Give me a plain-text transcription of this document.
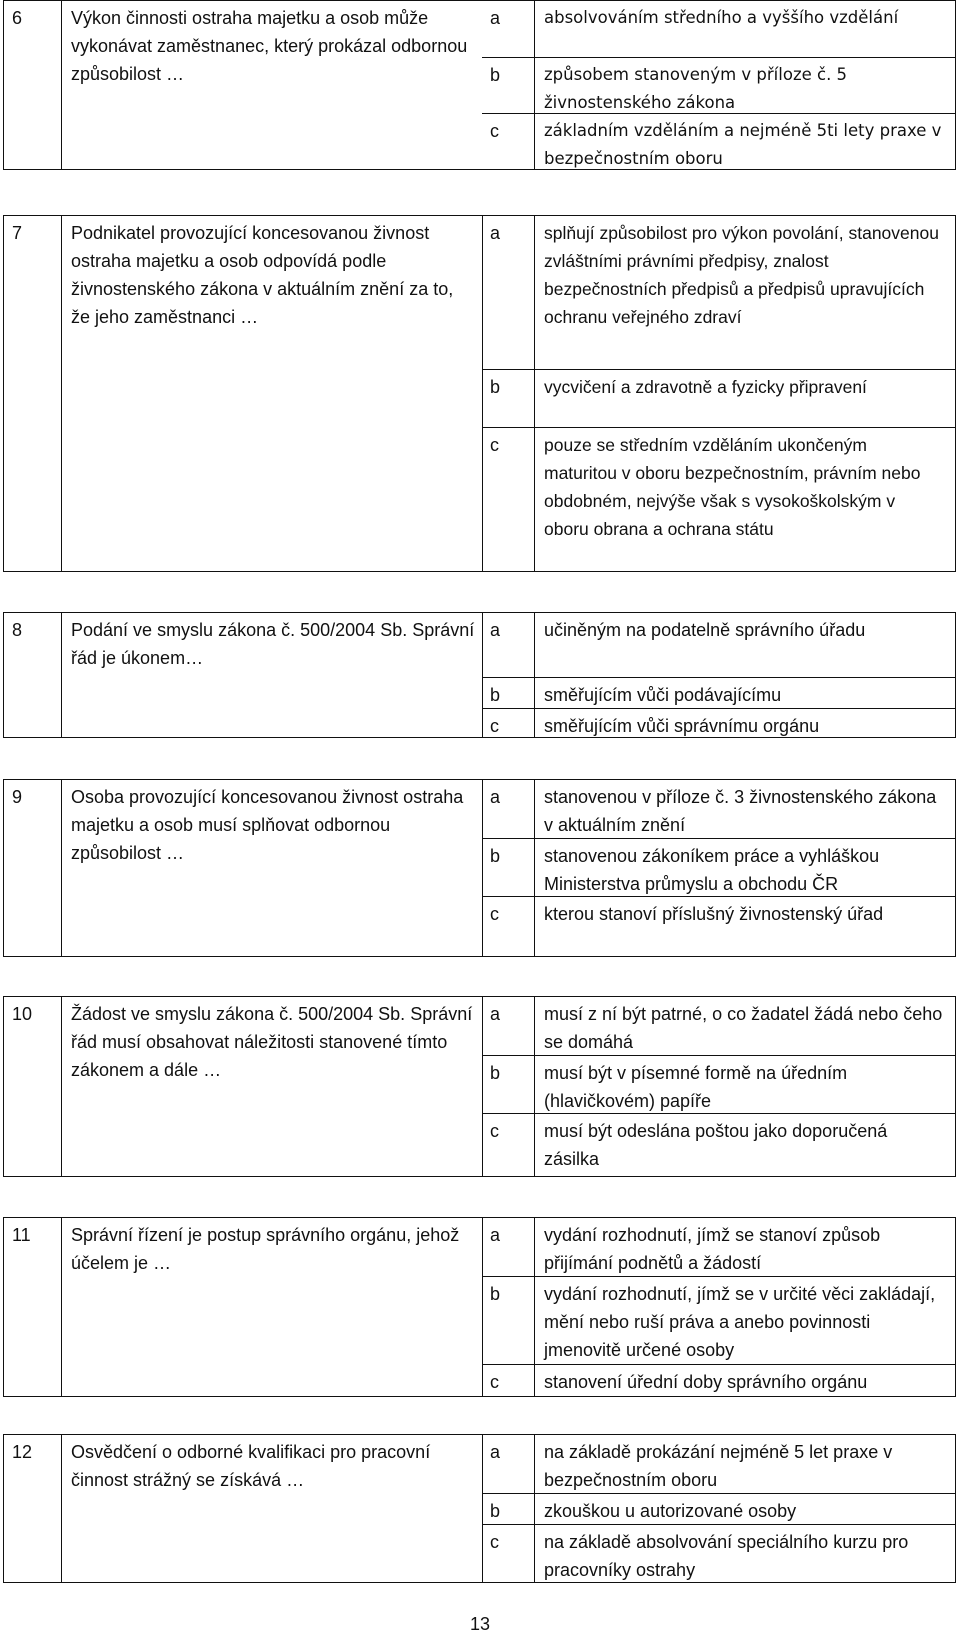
6	Výkon činnosti ostraha majetku a osob může vykonávat zaměstnanec, který prokázal odbornou způsobilost …
a	absolvováním středního a vyššího vzdělání
b	způsobem stanoveným v příloze č. 5 živnostenského zákona
c	základním vzděláním a nejméně 5ti lety praxe v bezpečnostním oboru
7	Podnikatel provozující koncesovanou živnost ostraha majetku a osob odpovídá podle živnostenského zákona v aktuálním znění za to, že jeho zaměstnanci …
a	splňují způsobilost pro výkon povolání, stanovenou zvláštními právními předpisy, znalost bezpečnostních předpisů a předpisů upravujících ochranu veřejného zdraví
b	vycvičení a zdravotně a fyzicky připravení
c	pouze se středním vzděláním ukončeným maturitou v oboru bezpečnostním, právním nebo obdobném, nejvýše však s vysokoškolským v oboru obrana a ochrana státu
8	Podání ve smyslu zákona č. 500/2004 Sb. Správní řád je úkonem…
a	učiněným na podatelně správního úřadu
b	směřujícím vůči podávajícímu
c	směřujícím vůči správnímu orgánu
9	Osoba provozující koncesovanou živnost ostraha majetku a osob musí splňovat odbornou způsobilost …
a	stanovenou v příloze č. 3 živnostenského zákona v aktuálním znění
b	stanovenou zákoníkem práce a vyhláškou Ministerstva průmyslu a obchodu ČR
c	kterou stanoví příslušný živnostenský úřad
10	Žádost ve smyslu zákona č. 500/2004 Sb. Správní řád musí obsahovat náležitosti stanovené tímto zákonem a dále …
a	musí z ní být patrné, o co žadatel žádá nebo čeho se domáhá
b	musí být v písemné formě na úředním (hlavičkovém) papíře
c	musí být odeslána poštou jako doporučená zásilka
11	Správní řízení je postup správního orgánu, jehož účelem je …
a	vydání rozhodnutí, jímž se stanoví způsob přijímání podnětů a žádostí
b	vydání rozhodnutí, jímž se v určité věci zakládají, mění nebo ruší práva a anebo povinnosti jmenovitě určené osoby
c	stanovení úřední doby správního orgánu
12	Osvědčení o odborné kvalifikaci pro pracovní činnost strážný se získává …
a	na základě prokázání nejméně 5 let praxe v bezpečnostním oboru
b	zkouškou u autorizované osoby
c	na základě absolvování speciálního kurzu pro pracovníky ostrahy
13
